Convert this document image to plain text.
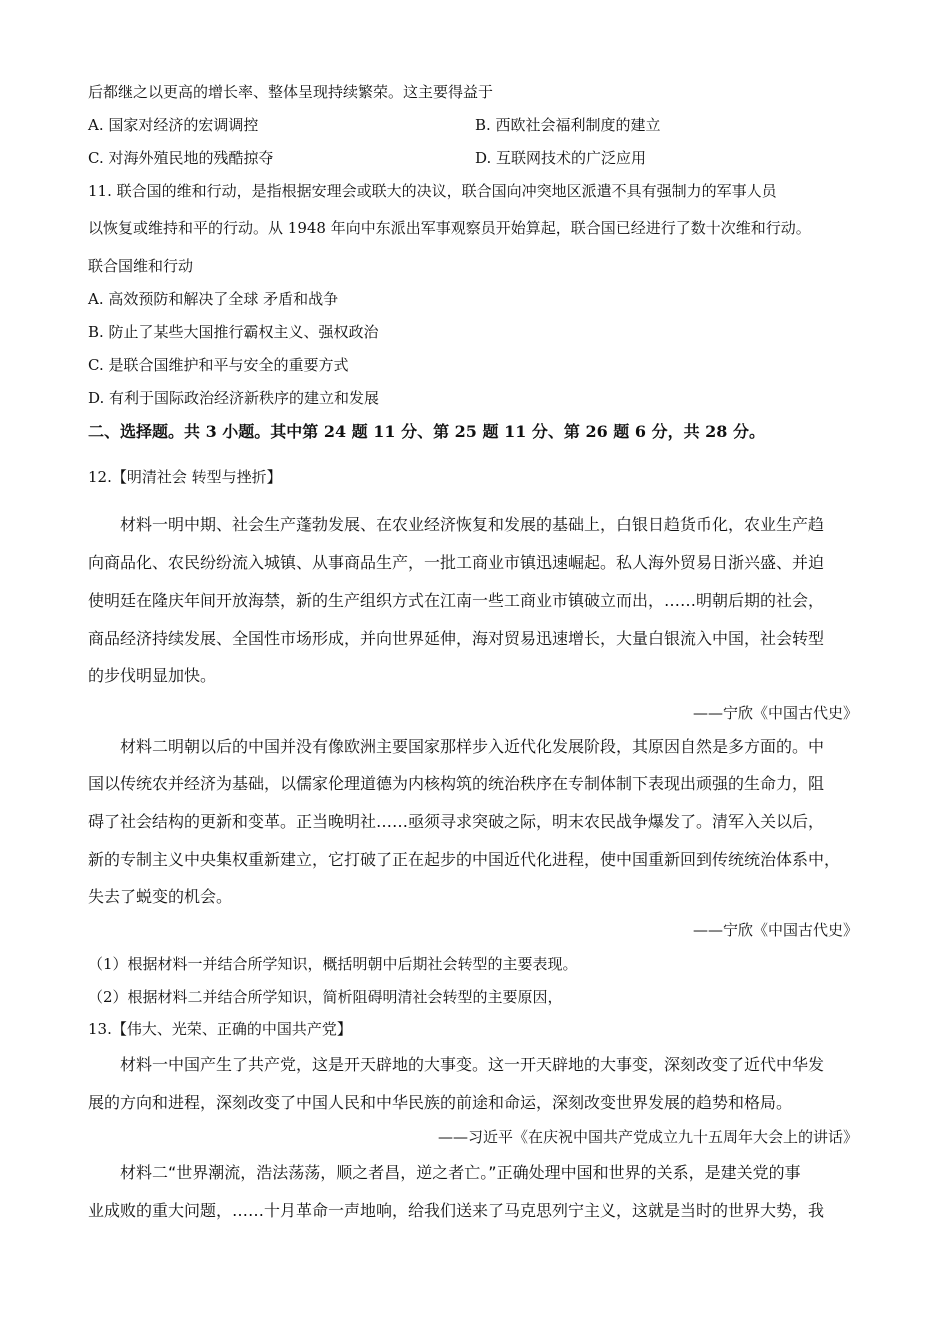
后都继之以更高的增长率、整体呈现持续繁荣。这主要得益于
A. 国家对经济的宏调调控	B. 西欧社会福利制度的建立
C. 对海外殖民地的残酷掠夺	D. 互联网技术的广泛应用
11. 联合国的维和行动，是指根据安理会或联大的决议，联合国向冲突地区派遣不具有强制力的军事人员
以恢复或维持和平的行动。从 1948 年向中东派出军事观察员开始算起，联合国已经进行了数十次维和行动。
联合国维和行动
A. 高效预防和解决了全球 矛盾和战争
B. 防止了某些大国推行霸权主义、强权政治
C. 是联合国维护和平与安全的重要方式
D. 有利于国际政治经济新秩序的建立和发展
二、选择题。共 3 小题。其中第 24 题 11 分、第 25 题 11 分、第 26 题 6 分，共 28 分。
12.【明清社会 转型与挫折】
材料一明中期、社会生产蓬勃发展、在农业经济恢复和发展的基础上，白银日趋货币化，农业生产趋
向商品化、农民纷纷流入城镇、从事商品生产，一批工商业市镇迅速崛起。私人海外贸易日浙兴盛、并迫
使明廷在隆庆年间开放海禁，新的生产组织方式在江南一些工商业市镇破立而出，……明朝后期的社会，
商品经济持续发展、全国性市场形成，并向世界延伸，海对贸易迅速增长，大量白银流入中国，社会转型
的步伐明显加快。
——宁欣《中国古代史》
材料二明朝以后的中国并没有像欧洲主要国家那样步入近代化发展阶段，其原因自然是多方面的。中
国以传统农并经济为基础，以儒家伦理道德为内核构筑的统治秩序在专制体制下表现出顽强的生命力，阻
碍了社会结构的更新和变革。正当晚明社……亟须寻求突破之际，明末农民战争爆发了。清军入关以后，
新的专制主义中央集权重新建立，它打破了正在起步的中国近代化进程，使中国重新回到传统统治体系中，
失去了蜕变的机会。
——宁欣《中国古代史》
（1）根据材料一并结合所学知识，概括明朝中后期社会转型的主要表现。
（2）根据材料二并结合所学知识，简析阻碍明清社会转型的主要原因，
13.【伟大、光荣、正确的中国共产党】
材料一中国产生了共产党，这是开天辟地的大事变。这一开天辟地的大事变，深刻改变了近代中华发
展的方向和进程，深刻改变了中国人民和中华民族的前途和命运，深刻改变世界发展的趋势和格局。
——习近平《在庆祝中国共产党成立九十五周年大会上的讲话》
材料二“世界潮流，浩法荡荡，顺之者昌，逆之者亡。”正确处理中国和世界的关系，是建关党的事
业成败的重大问题，……十月革命一声地响，给我们送来了马克思列宁主义，这就是当时的世界大势，我
